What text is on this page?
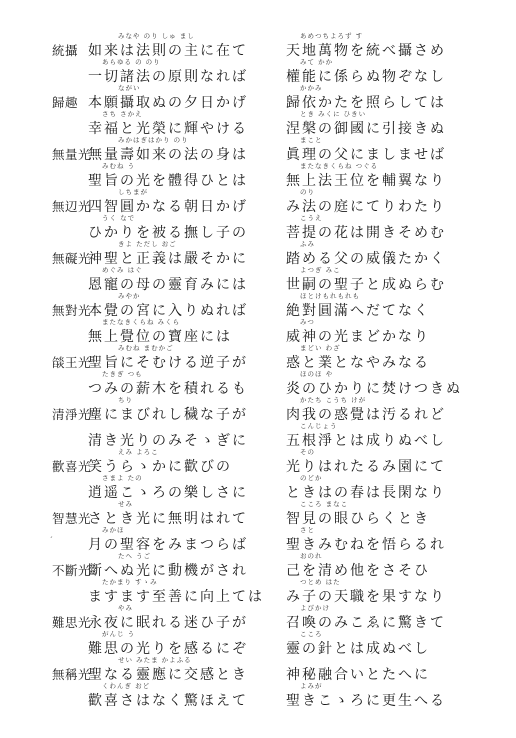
統攝
みなや のり しゅ まし
如来は法則の主に在て
あらゆる の のり
一切諸法の原則なれば
あめつちよろず す
天地萬物を統べ攝さめ
みて かか
權能に係らぬ物ぞなし
歸趣
ながい
本願攝取ぬの夕日かげ
さち さかえ
幸福と光榮に輝やける
かかみ
歸依かたを照らしては
とき みくに ひきい
涅槃の御國に引接きぬ
無量光
みかはぎはかり のり
無量壽如来の法の身は
みむね う
聖旨の光を體得ひとは
まこと
眞理の父にましませば
またなきくらね つぐる
無上法王位を輔翼なり
無辺光
しちまが
四智圓かなる朝日かげ
うく なで
ひかりを被る撫し子の
のり
み法の庭にてりわたり
こうえ
菩提の花は開きそめむ
無礙光
きよ ただし おご
神聖と正義は嚴そかに
めぐみ はぐ
恩寵の母の靈育みには
ふみ
踏める父の威儀たかく
よつぎ みこ
世嗣の聖子と成ぬらむ
無對光
みやか
本覺の宮に入りぬれば
またなきくらね みくら
無上覺位の寶座には
ほとけもれもれも
絶對圓滿へだてなく
みつ
威神の光まどかなり
燄王光
みむね まむかご
聖旨にそむける逆子が
たきぎ つも
つみの薪木を積れるも
まどい わざ
惑と業となやみなる
ほのほ や
炎のひかりに焚けつきぬ
清淨光
ちり
塵にまびれし穢な子が
清き光りのみそゝぎに
かたち こうち けが
肉我の惑覺は汚るれど
こんじょう
五根淨とは成りぬべし
歡喜光
えみ よろこ
笑うらゝかに歡びの
さまよ たの
逍遥こゝろの樂しさに
その
光りはれたるみ園にて
のどか
ときはの春は長閑なり
智慧光
せみ
さとき光に無明はれて
みかほ
月の聖容をみまつらば
こころ まなこ
智見の眼ひらくとき
さと
聖きみむねを悟らるれ
不斷光
たへ うご
斷へぬ光に動機がされ
たかまり すゝみ
ますます至善に向上ては
おのれ
己を清め他をさそひ
つとめ はた
み子の天職を果すなり
難思光
やみ
永夜に眠れる迷ひ子が
がんじ う
難思の光りを感るにぞ
よびかけ
召喚のみこゑに驚きて
こころ
靈の針とは成ぬべし
無稱光
せい みたま かよふる
聖なる靈應に交感とき
くわんぎ おど
歡喜さはなく驚ほえて
神秘融合いとたへに
よみが
聖きこゝろに更生へる
´
